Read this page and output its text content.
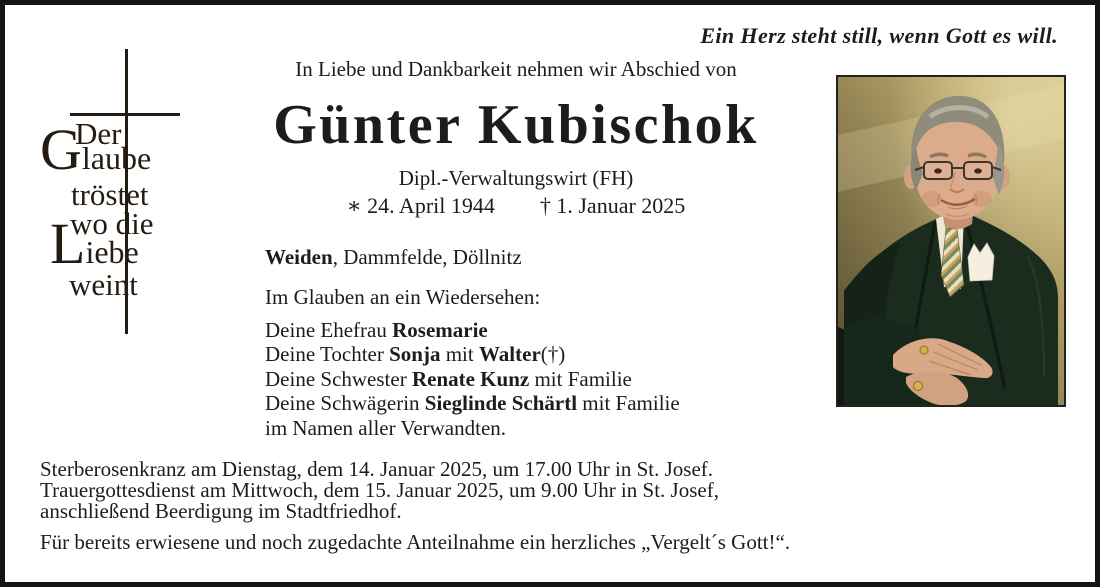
Ein Herz steht still, wenn Gott es will.
Der
Glaube
tröstet
wo die
Liebe
weint
In Liebe und Dankbarkeit nehmen wir Abschied von
Günter Kubischok
Dipl.-Verwaltungswirt (FH)
∗ 24. April 1944 † 1. Januar 2025
Weiden, Dammfelde, Döllnitz
Im Glauben an ein Wiedersehen:
Deine Ehefrau Rosemarie
Deine Tochter Sonja mit Walter(†)
Deine Schwester Renate Kunz mit Familie
Deine Schwägerin Sieglinde Schärtl mit Familie
im Namen aller Verwandten.
Sterberosenkranz am Dienstag, dem 14. Januar 2025, um 17.00 Uhr in St. Josef.
Trauergottesdienst am Mittwoch, dem 15. Januar 2025, um 9.00 Uhr in St. Josef,
anschließend Beerdigung im Stadtfriedhof.
Für bereits erwiesene und noch zugedachte Anteilnahme ein herzliches „Vergelt´s Gott!“.
